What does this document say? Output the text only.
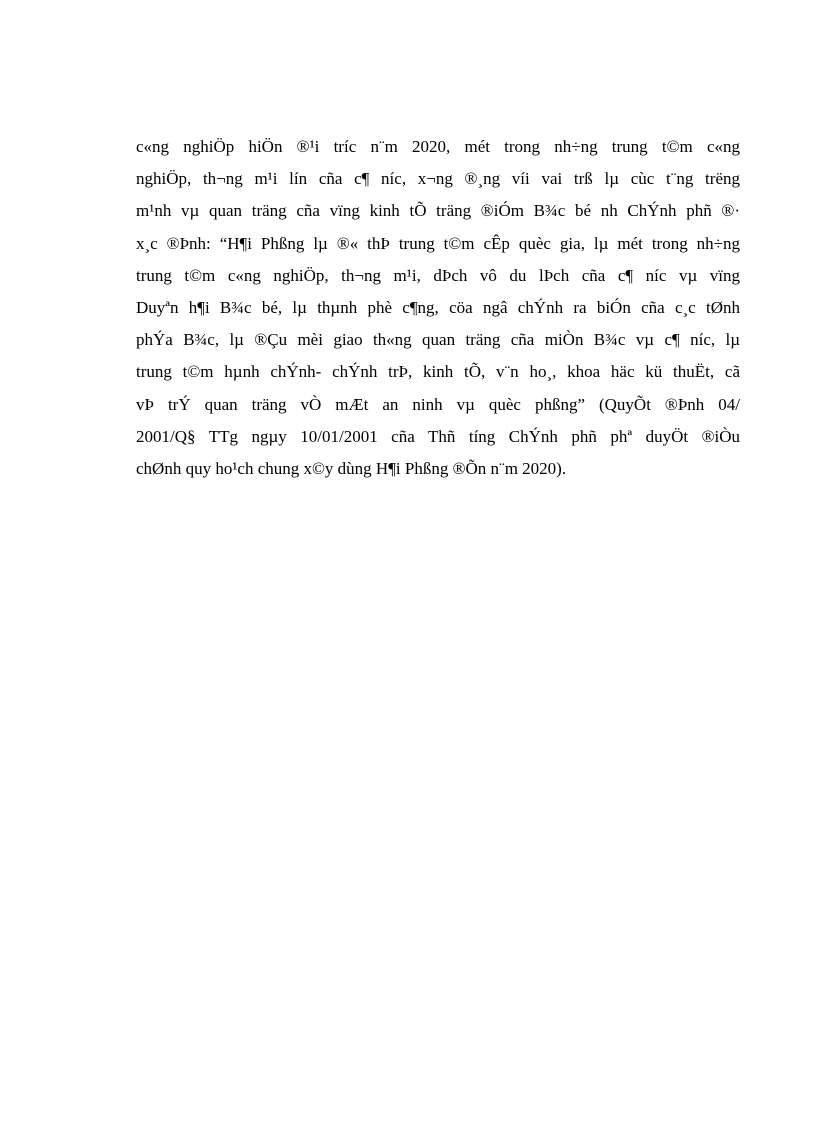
c«ng nghiÖp hiÖn ®¹i tríc n¨m 2020, mét trong nh÷ng trung t©m c«ng
nghiÖp, th¬ng m¹i lín cña c¶ níc, x¬ng ®¸ng víi vai trß lµ cùc t¨ng trëng
m¹nh vµ quan träng cña vïng kinh tÕ träng ®iÓm B¾c bé nh ChÝnh phñ ®·
x¸c ®Þnh: “H¶i Phßng lµ ®« thÞ trung t©m cÊp quèc gia, lµ mét trong nh÷ng
trung t©m c«ng nghiÖp, th¬ng m¹i, dÞch vô du lÞch cña c¶ níc vµ vïng
Duyªn h¶i B¾c bé, lµ thµnh phè c¶ng, cöa ngâ chÝnh ra biÓn cña c¸c tØnh
phÝa B¾c, lµ ®Çu mèi giao th«ng quan träng cña miÒn B¾c vµ c¶ níc, lµ
trung t©m hµnh chÝnh- chÝnh trÞ, kinh tÕ, v¨n ho¸, khoa häc kü thuËt, cã
vÞ trÝ quan träng vÒ mÆt an ninh vµ quèc phßng” (QuyÕt ®Þnh 04/
2001/Q§ TTg ngµy 10/01/2001 cña Thñ tíng ChÝnh phñ phª duyÖt ®iÒu
chØnh quy ho¹ch chung x©y dùng H¶i Phßng ®Õn n¨m 2020).
